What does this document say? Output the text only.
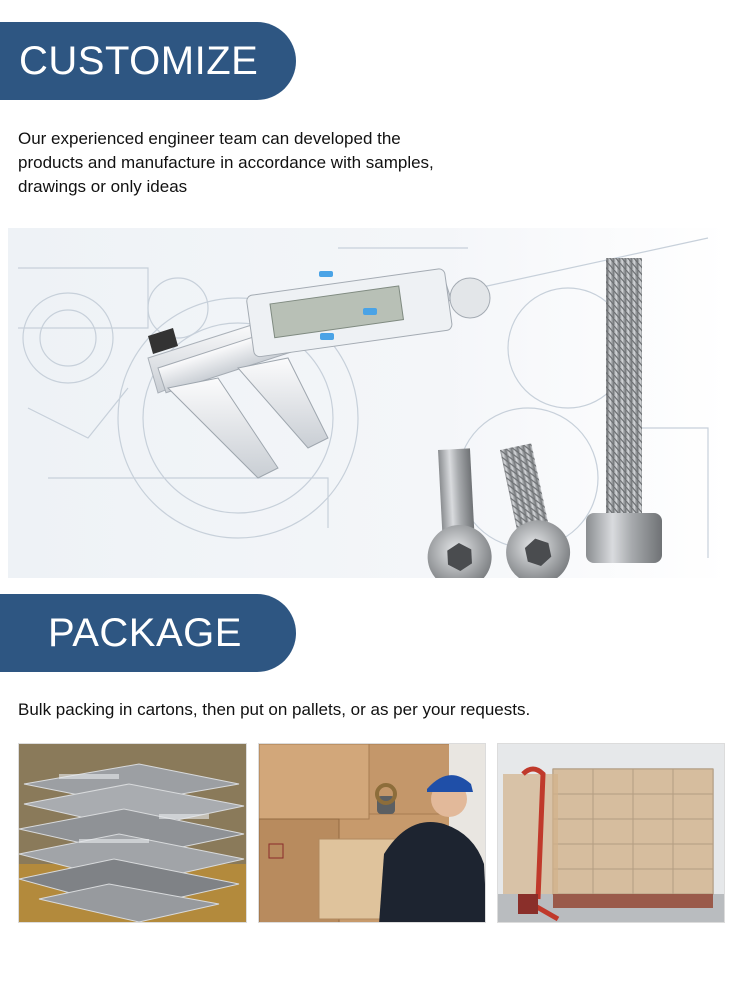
CUSTOMIZE

Our experienced engineer team can developed the products and manufacture in accordance with samples, drawings or only ideas

PACKAGE

Bulk packing in cartons, then put on pallets, or as per your requests.
